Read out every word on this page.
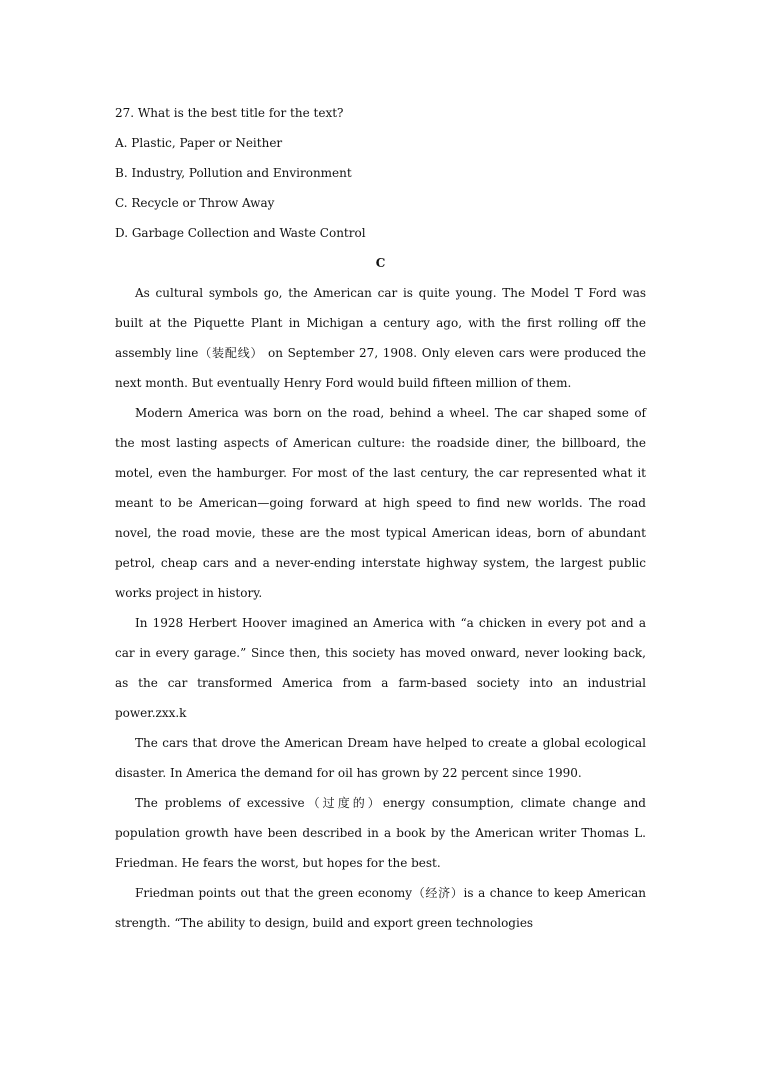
27. What is the best title for the text?

A. Plastic, Paper or Neither

B. Industry, Pollution and Environment

C. Recycle or Throw Away

D. Garbage Collection and Waste Control

C

As cultural symbols go, the American car is quite young. The Model T Ford was built at the Piquette Plant in Michigan a century ago, with the first rolling off the assembly line（装配线） on September 27, 1908. Only eleven cars were produced the next month. But eventually Henry Ford would build fifteen million of them.

Modern America was born on the road, behind a wheel. The car shaped some of the most lasting aspects of American culture: the roadside diner, the billboard, the motel, even the hamburger. For most of the last century, the car represented what it meant to be American—going forward at high speed to find new worlds. The road novel, the road movie, these are the most typical American ideas, born of abundant petrol, cheap cars and a never-ending interstate highway system, the largest public works project in history.

In 1928 Herbert Hoover imagined an America with “a chicken in every pot and a car in every garage.” Since then, this society has moved onward, never looking back, as the car transformed America from a farm-based society into an industrial power.zxx.k

The cars that drove the American Dream have helped to create a global ecological disaster. In America the demand for oil has grown by 22 percent since 1990.

The problems of excessive（过度的）energy consumption, climate change and population growth have been described in a book by the American writer Thomas L. Friedman. He fears the worst, but hopes for the best.

Friedman points out that the green economy（经济）is a chance to keep American strength. “The ability to design, build and export green technologies
